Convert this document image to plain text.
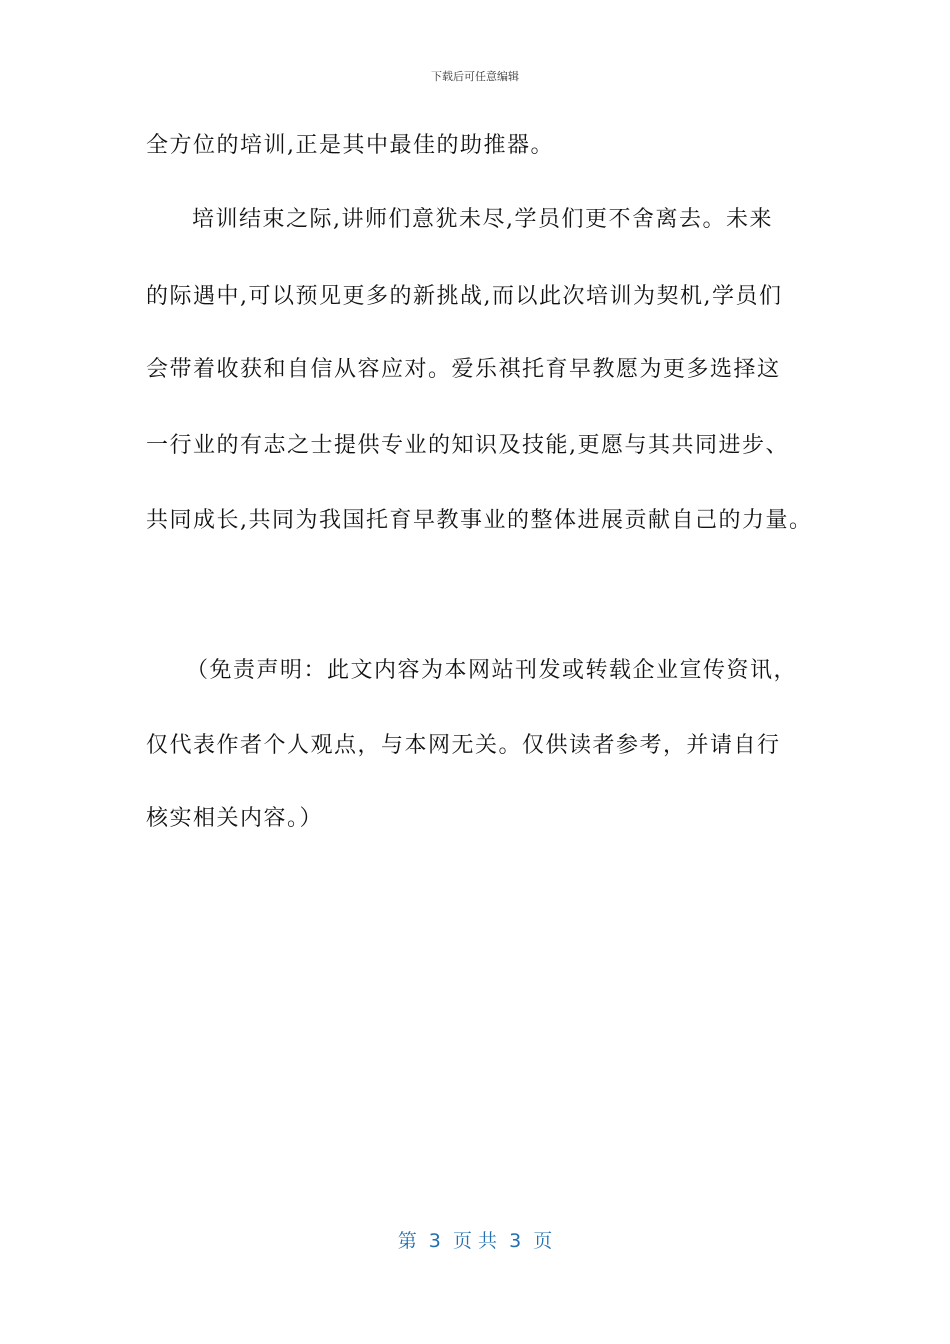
下载后可任意编辑
全方位的培训,正是其中最佳的助推器。
培训结束之际,讲师们意犹未尽,学员们更不舍离去。未来
的际遇中,可以预见更多的新挑战,而以此次培训为契机,学员们
会带着收获和自信从容应对。爱乐祺托育早教愿为更多选择这
一行业的有志之士提供专业的知识及技能,更愿与其共同进步、
共同成长,共同为我国托育早教事业的整体进展贡献自己的力量。
（免责声明：此文内容为本网站刊发或转载企业宣传资讯，
仅代表作者个人观点，与本网无关。仅供读者参考，并请自行
核实相关内容。）
第  3  页 共  3  页
